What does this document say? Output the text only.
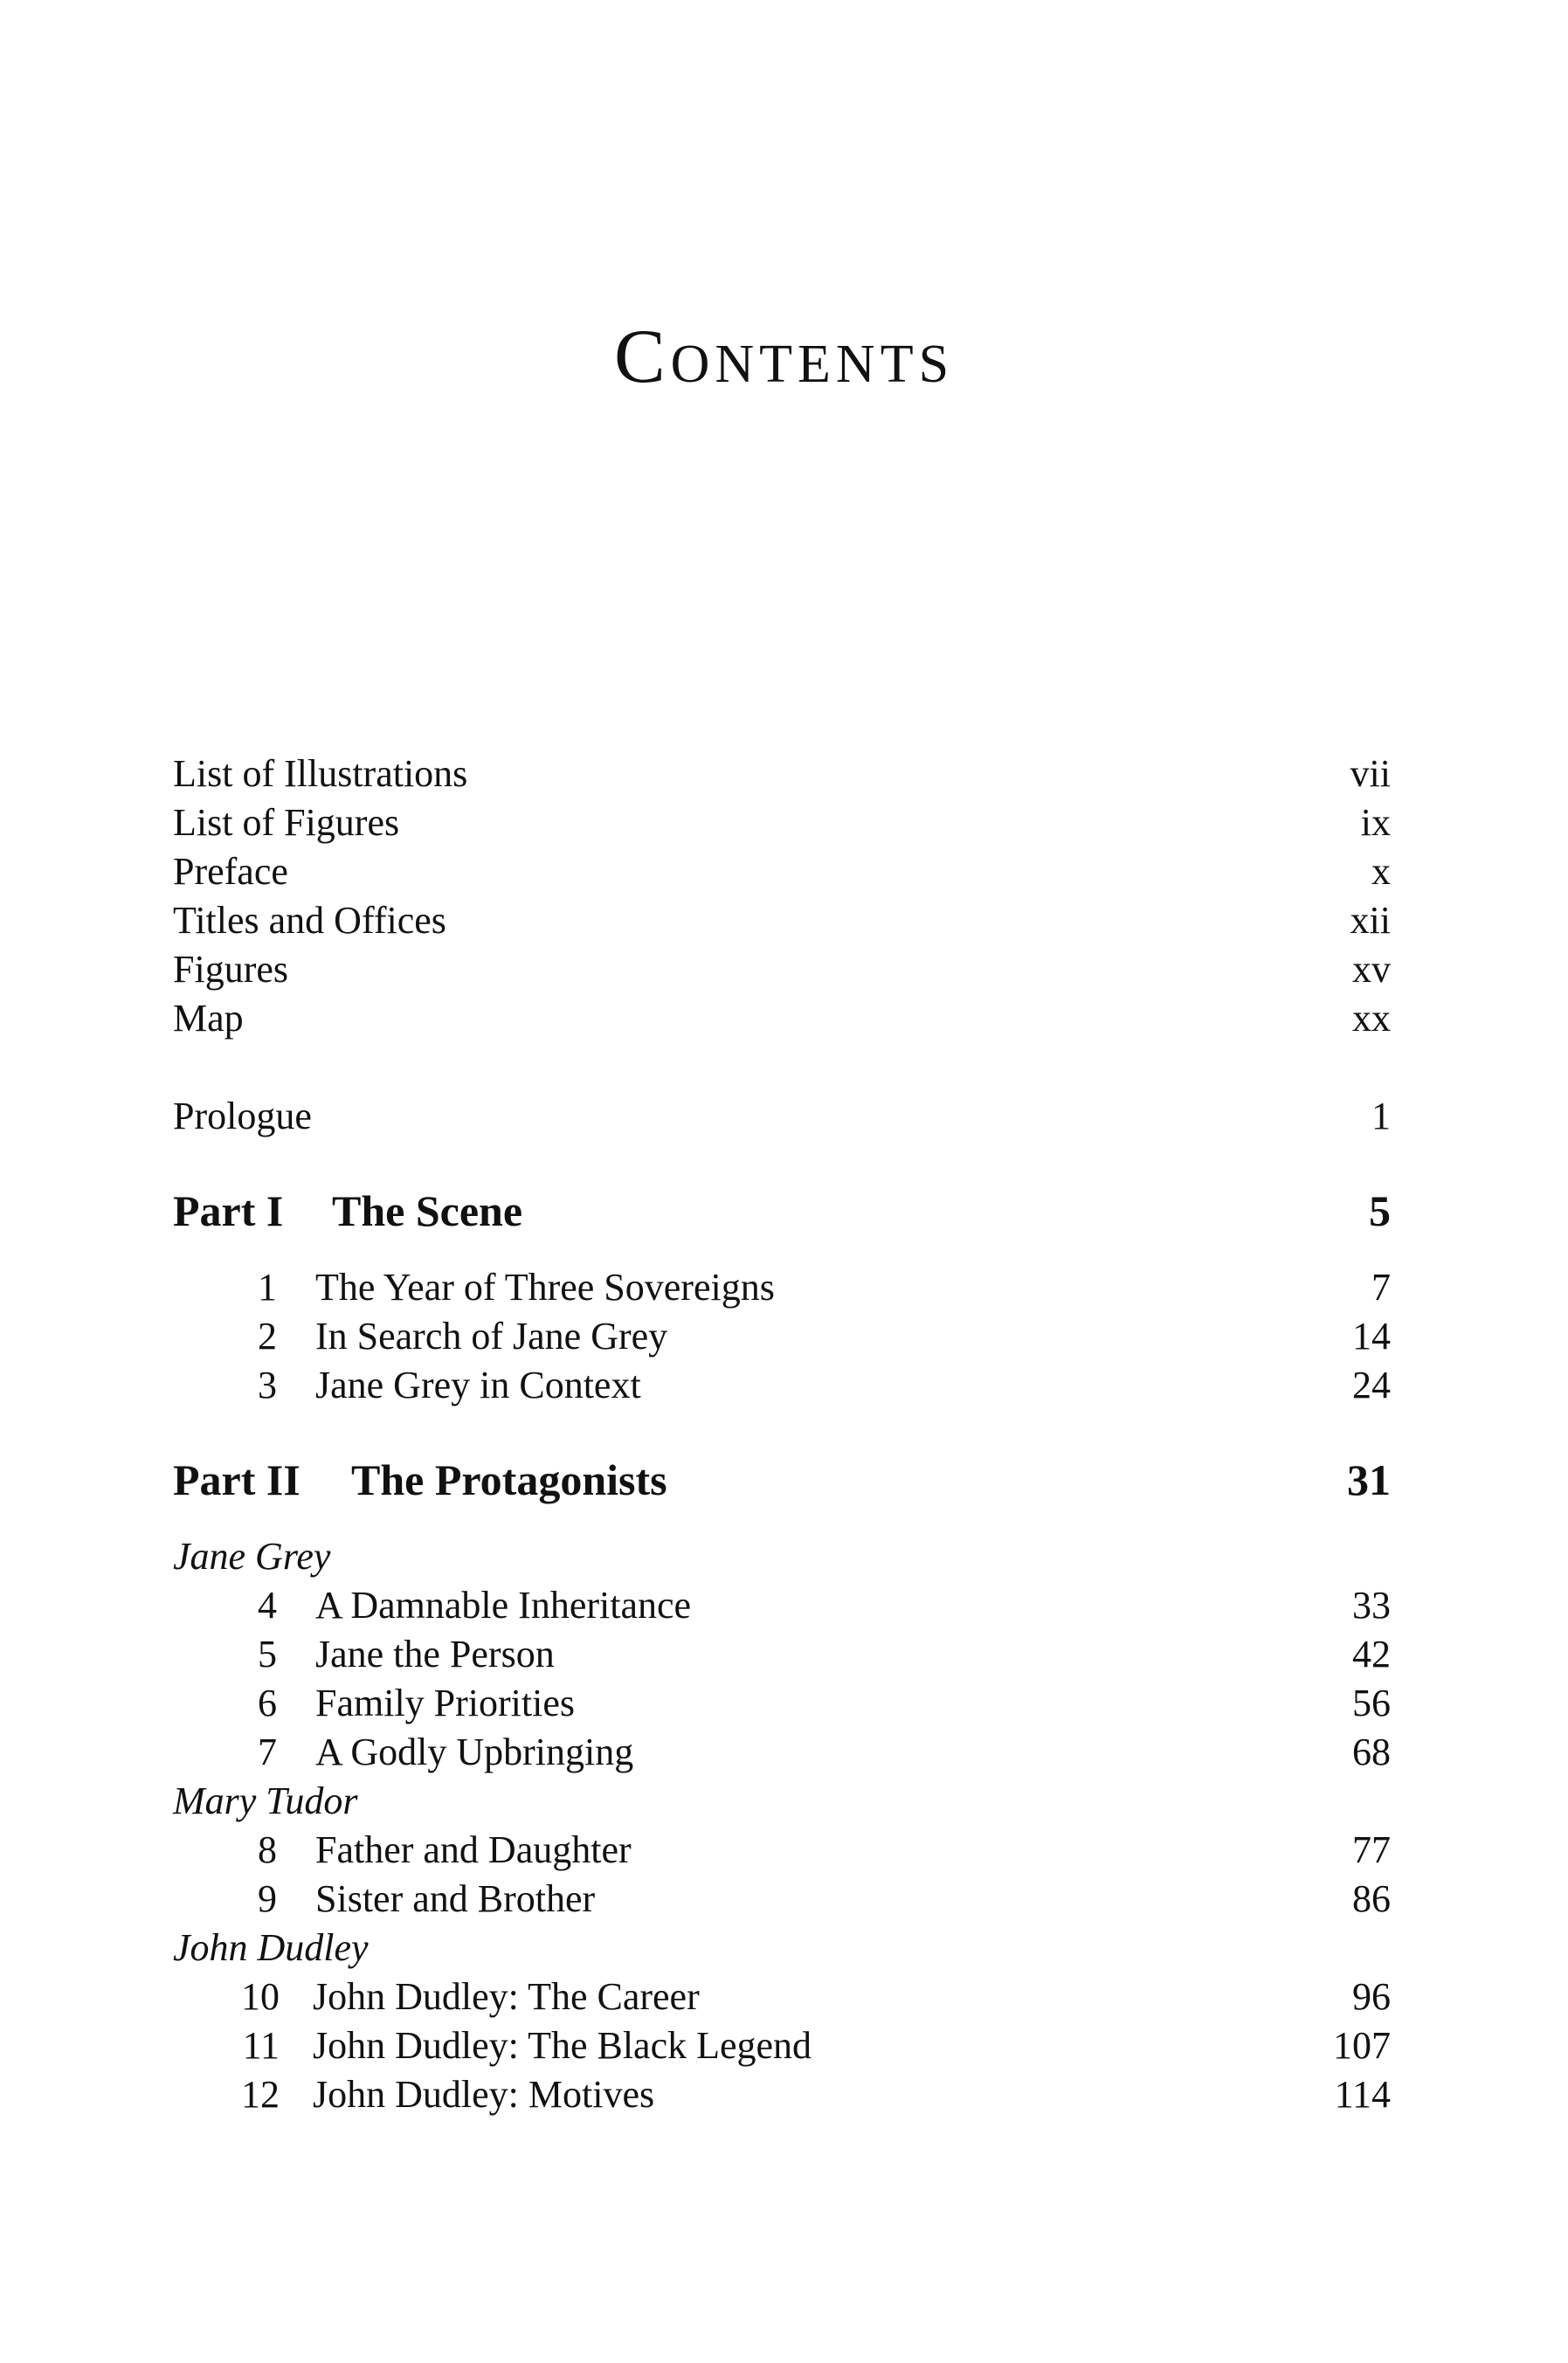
Contents
List of Illustrations	vii
List of Figures	ix
Preface	x
Titles and Offices	xii
Figures	xv
Map	xx
Prologue	1
Part I The Scene	5
1 The Year of Three Sovereigns	7
2 In Search of Jane Grey	14
3 Jane Grey in Context	24
Part II The Protagonists	31
Jane Grey
4 A Damnable Inheritance	33
5 Jane the Person	42
6 Family Priorities	56
7 A Godly Upbringing	68
Mary Tudor
8 Father and Daughter	77
9 Sister and Brother	86
John Dudley
10 John Dudley: The Career	96
11 John Dudley: The Black Legend	107
12 John Dudley: Motives	114
